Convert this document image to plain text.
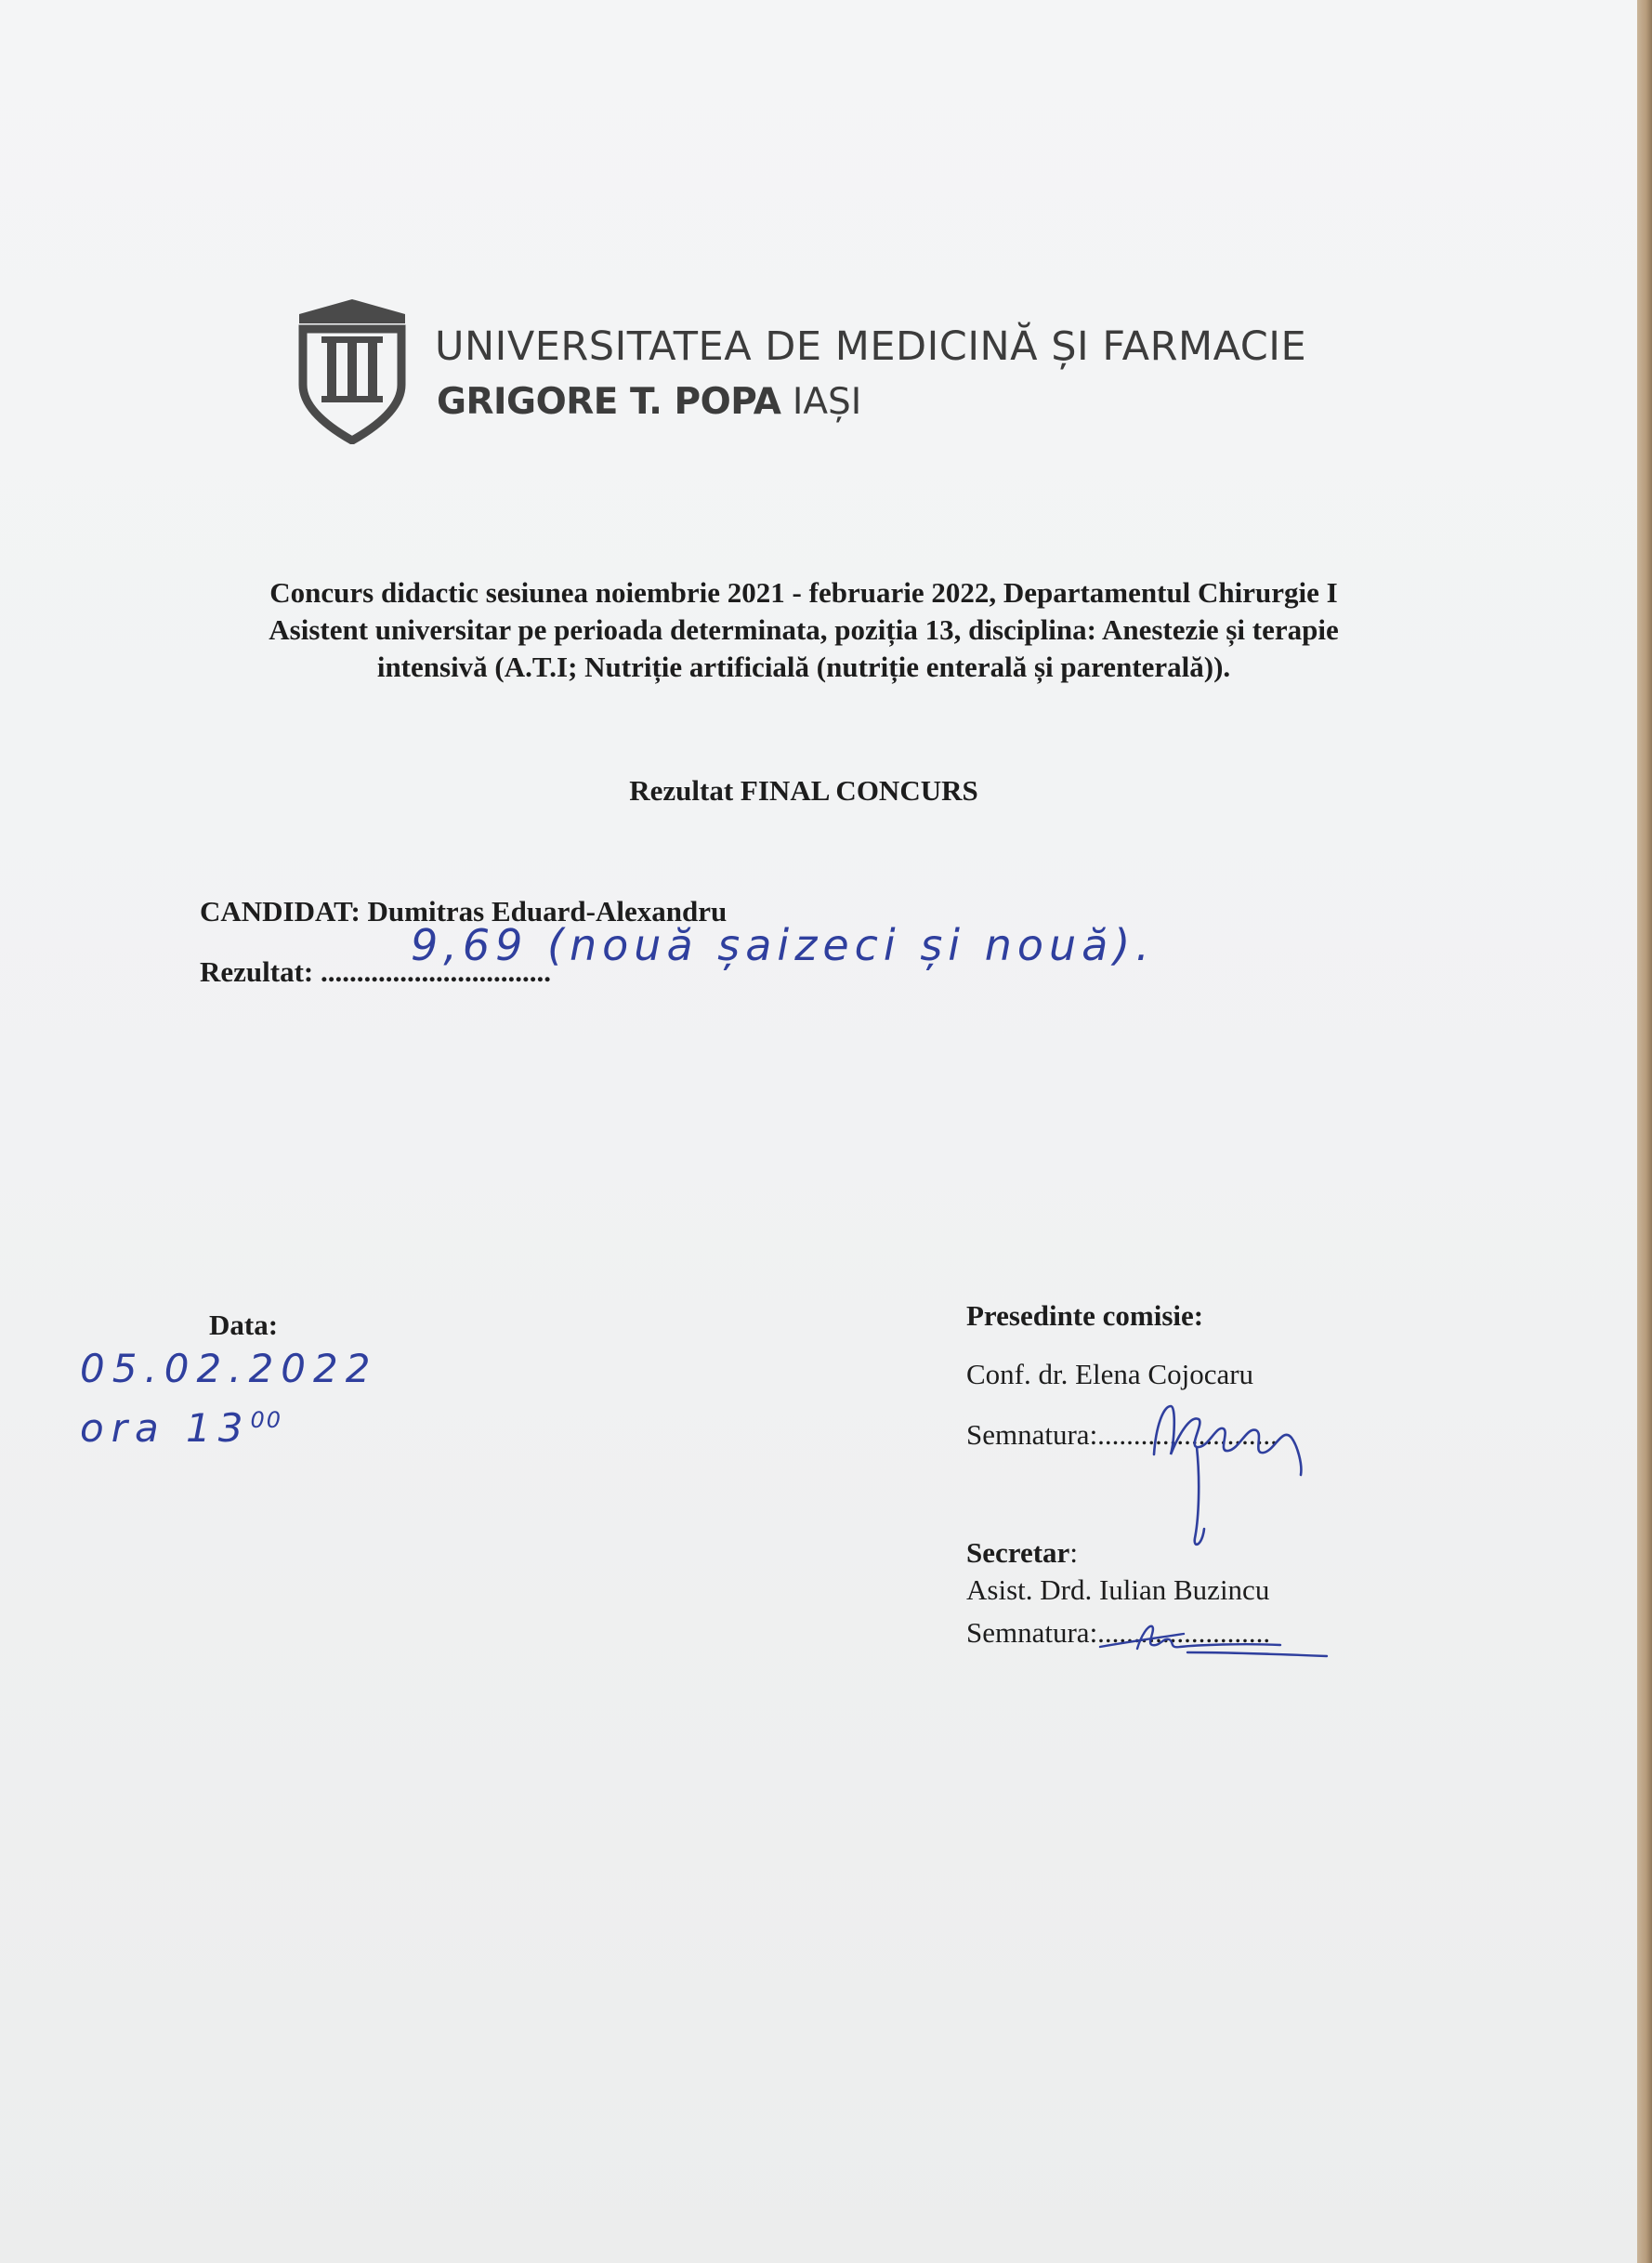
UNIVERSITATEA DE MEDICINĂ ȘI FARMACIE
GRIGORE T. POPA IAȘI
Concurs didactic sesiunea noiembrie 2021 - februarie 2022, Departamentul Chirurgie I
Asistent universitar pe perioada determinata, poziția 13, disciplina: Anestezie și terapie
intensivă (A.T.I; Nutriție artificială (nutriție enterală și parenterală)).
Rezultat FINAL CONCURS
CANDIDAT: Dumitras Eduard-Alexandru
Rezultat: ................................
9,69 (nouă șaizeci și nouă).
Data:
05.02.2022
ora $13^{00}$
Presedinte comisie:
Conf. dr. Elena Cojocaru
Semnatura:.........................
Secretar:
Asist. Drd. Iulian Buzincu
Semnatura:........................
